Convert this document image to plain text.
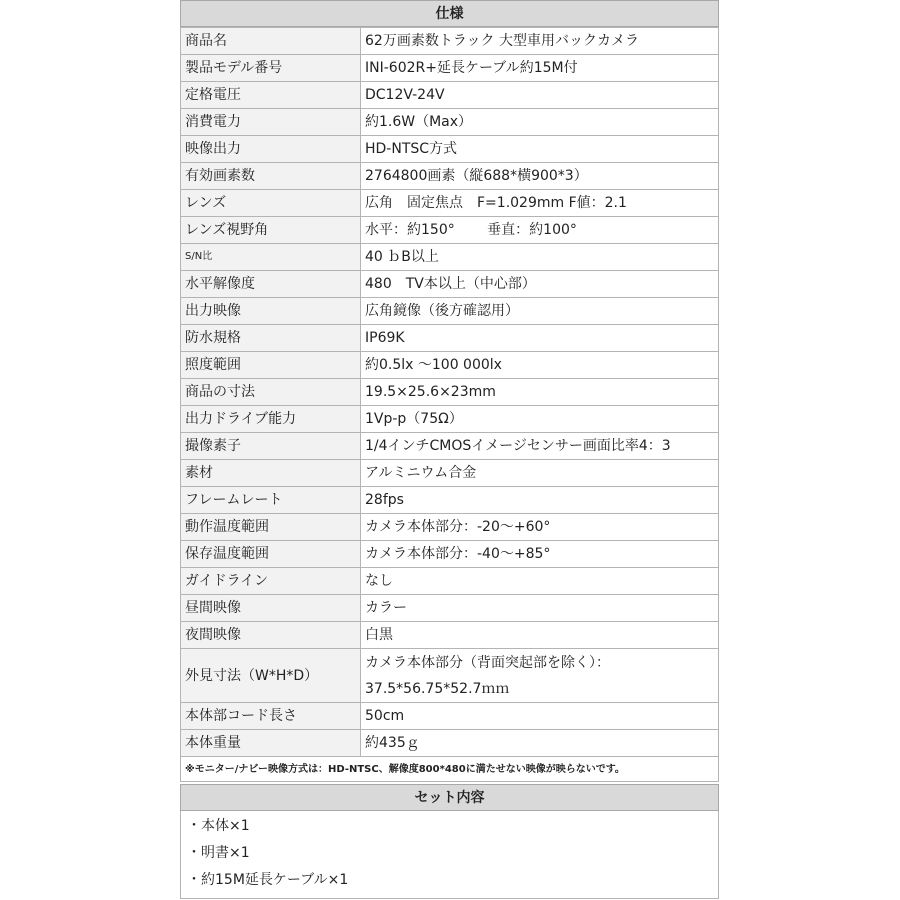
仕様
商品名	62万画素数トラック 大型車用バックカメラ
製品モデル番号	INI-602R+延長ケーブル約15M付
定格電圧	DC12V-24V
消費電力	約1.6W（Max）
映像出力	HD-NTSC方式
有効画素数	2764800画素（縦688*横900*3）
レンズ	広角　固定焦点　F=1.029mm F値：2.1
レンズ視野角	水平：約150°　　 垂直：約100°
S/N比	40 ｂB以上
水平解像度	480　TV本以上（中心部）
出力映像	広角鏡像（後方確認用）
防水規格	IP69K
照度範囲	約0.5lx ～100 000lx
商品の寸法	19.5×25.6×23mm
出力ドライブ能力	1Vp-p（75Ω）
撮像素子	1/4インチCMOSイメージセンサー画面比率4：3
素材	アルミニウム合金
フレームレート	28fps
動作温度範囲	カメラ本体部分：-20～+60°
保存温度範囲	カメラ本体部分：-40～+85°
ガイドライン	なし
昼間映像	カラー
夜間映像	白黒
外見寸法（W*H*D）	カメラ本体部分（背面突起部を除く）：
37.5*56.75*52.7ｍｍ

本体部コード長さ	50cm
本体重量	約435ｇ
※モニター/ナビー映像方式は：HD-NTSC、解像度800*480に満たせない映像が映らないです。
セット内容
・本体×1
・明書×1
・約15M延長ケーブル×1
